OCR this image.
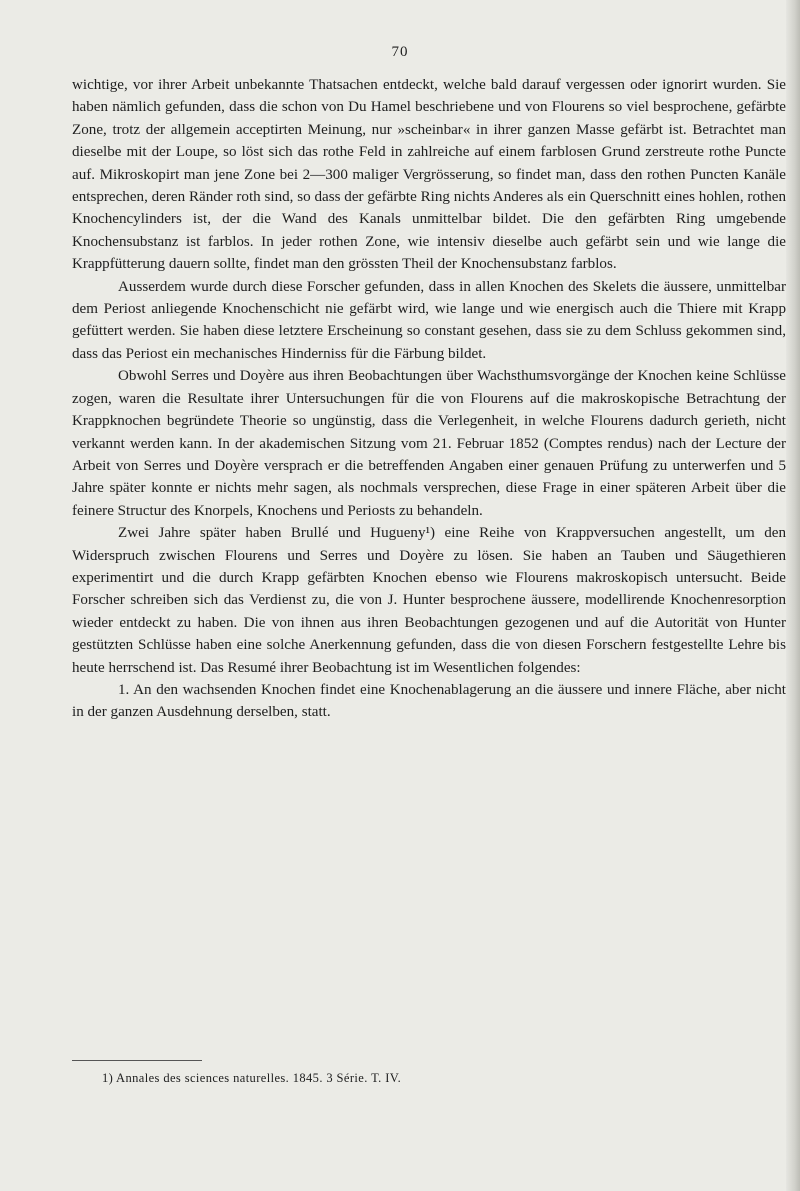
70

wichtige, vor ihrer Arbeit unbekannte Thatsachen entdeckt, welche bald darauf vergessen oder ignorirt wurden. Sie haben nämlich gefunden, dass die schon von Du Hamel beschriebene und von Flourens so viel besprochene, gefärbte Zone, trotz der allgemein acceptirten Meinung, nur »scheinbar« in ihrer ganzen Masse gefärbt ist. Betrachtet man dieselbe mit der Loupe, so löst sich das rothe Feld in zahlreiche auf einem farblosen Grund zerstreute rothe Puncte auf. Mikroskopirt man jene Zone bei 2—300 maliger Vergrösserung, so findet man, dass den rothen Puncten Kanäle entsprechen, deren Ränder roth sind, so dass der gefärbte Ring nichts Anderes als ein Querschnitt eines hohlen, rothen Knochencylinders ist, der die Wand des Kanals unmittelbar bildet. Die den gefärbten Ring umgebende Knochensubstanz ist farblos. In jeder rothen Zone, wie intensiv dieselbe auch gefärbt sein und wie lange die Krappfütterung dauern sollte, findet man den grössten Theil der Knochensubstanz farblos.

Ausserdem wurde durch diese Forscher gefunden, dass in allen Knochen des Skelets die äussere, unmittelbar dem Periost anliegende Knochenschicht nie gefärbt wird, wie lange und wie energisch auch die Thiere mit Krapp gefüttert werden. Sie haben diese letztere Erscheinung so constant gesehen, dass sie zu dem Schluss gekommen sind, dass das Periost ein mechanisches Hinderniss für die Färbung bildet.

Obwohl Serres und Doyère aus ihren Beobachtungen über Wachsthumsvorgänge der Knochen keine Schlüsse zogen, waren die Resultate ihrer Untersuchungen für die von Flourens auf die makroskopische Betrachtung der Krappknochen begründete Theorie so ungünstig, dass die Verlegenheit, in welche Flourens dadurch gerieth, nicht verkannt werden kann. In der akademischen Sitzung vom 21. Februar 1852 (Comptes rendus) nach der Lecture der Arbeit von Serres und Doyère versprach er die betreffenden Angaben einer genauen Prüfung zu unterwerfen und 5 Jahre später konnte er nichts mehr sagen, als nochmals versprechen, diese Frage in einer späteren Arbeit über die feinere Structur des Knorpels, Knochens und Periosts zu behandeln.

Zwei Jahre später haben Brullé und Hugueny¹) eine Reihe von Krappversuchen angestellt, um den Widerspruch zwischen Flourens und Serres und Doyère zu lösen. Sie haben an Tauben und Säugethieren experimentirt und die durch Krapp gefärbten Knochen ebenso wie Flourens makroskopisch untersucht. Beide Forscher schreiben sich das Verdienst zu, die von J. Hunter besprochene äussere, modellirende Knochenresorption wieder entdeckt zu haben. Die von ihnen aus ihren Beobachtungen gezogenen und auf die Autorität von Hunter gestützten Schlüsse haben eine solche Anerkennung gefunden, dass die von diesen Forschern festgestellte Lehre bis heute herrschend ist. Das Resumé ihrer Beobachtung ist im Wesentlichen folgendes:

1. An den wachsenden Knochen findet eine Knochenablagerung an die äussere und innere Fläche, aber nicht in der ganzen Ausdehnung derselben, statt.

1) Annales des sciences naturelles. 1845. 3 Série. T. IV.
